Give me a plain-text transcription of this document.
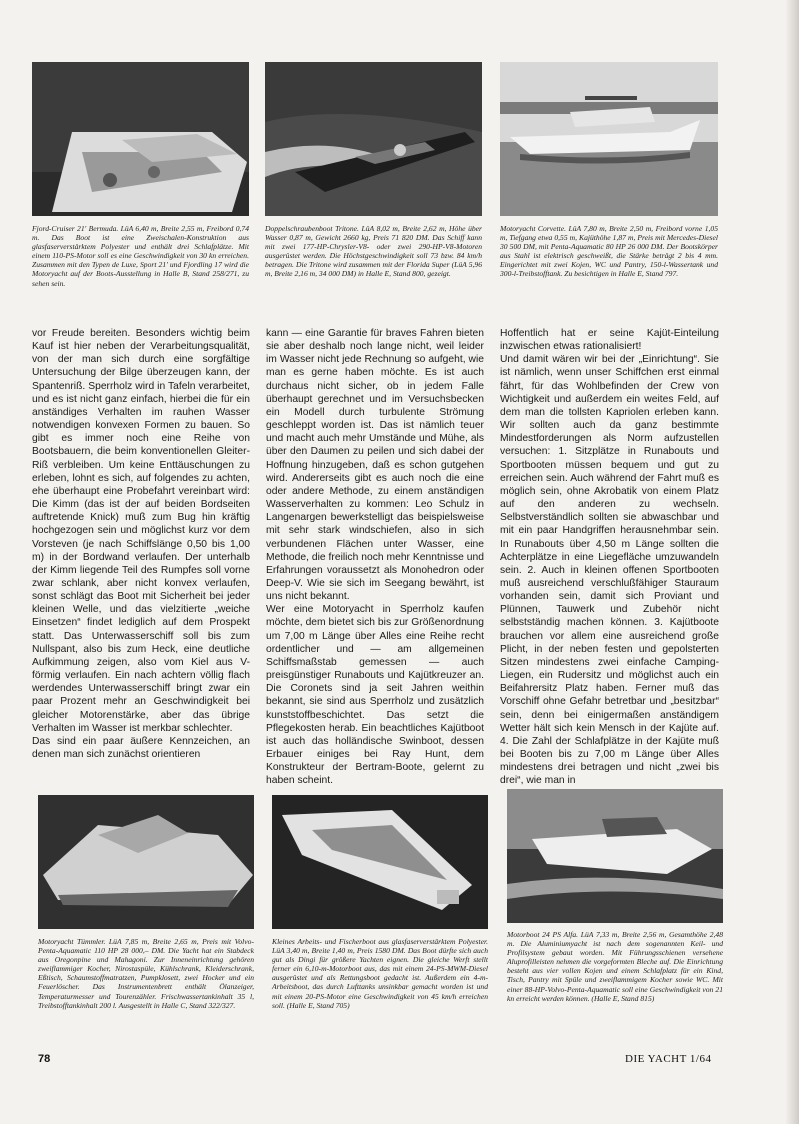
Fjord-Cruiser 21' Bermuda. LüA 6,40 m, Breite 2,55 m, Freibord 0,74 m. Das Boot ist eine Zweischalen-Konstruktion aus glasfaserverstärktem Polyester und enthält drei Schlafplätze. Mit einem 110-PS-Motor soll es eine Geschwindigkeit von 30 kn erreichen. Zusammen mit den Typen de Luxe, Sport 21' und Fjordling 17 wird die Motoryacht auf der Boots-Ausstellung in Halle B, Stand 258/271, zu sehen sein.
Doppelschraubenboot Tritone. LüA 8,02 m, Breite 2,62 m, Höhe über Wasser 0,87 m, Gewicht 2660 kg, Preis 71 820 DM. Das Schiff kann mit zwei 177-HP-Chrysler-V8- oder zwei 290-HP-V8-Motoren ausgerüstet werden. Die Höchstgeschwindigkeit soll 73 bzw. 84 km/h betragen. Die Tritone wird zusammen mit der Florida Super (LüA 5,96 m, Breite 2,16 m, 34 000 DM) in Halle E, Stand 800, gezeigt.
Motoryacht Corvette. LüA 7,80 m, Breite 2,50 m, Freibord vorne 1,05 m, Tiefgang etwa 0,55 m, Kajüthöhe 1,87 m, Preis mit Mercedes-Diesel 30 500 DM, mit Penta-Aquamatic 80 HP 26 000 DM. Der Bootskörper aus Stahl ist elektrisch geschweißt, die Stärke beträgt 2 bis 4 mm. Eingerichtet mit zwei Kojen, WC und Pantry, 150-l-Wassertank und 300-l-Treibstofftank. Zu besichtigen in Halle E, Stand 797.

vor Freude bereiten. Besonders wichtig beim Kauf ist hier neben der Verarbeitungsqualität, von der man sich durch eine sorgfältige Untersuchung der Bilge überzeugen kann, der Spantenriß. Sperrholz wird in Tafeln verarbeitet, und es ist nicht ganz einfach, hierbei die für ein anständiges Verhalten im rauhen Wasser notwendigen konvexen Formen zu bauen. So gibt es immer noch eine Reihe von Bootsbauern, die beim konventionellen Gleiter-Riß verbleiben. Um keine Enttäuschungen zu erleben, lohnt es sich, auf folgendes zu achten, ehe überhaupt eine Probefahrt vereinbart wird: Die Kimm (das ist der auf beiden Bordseiten auftretende Knick) muß zum Bug hin kräftig hochgezogen sein und möglichst kurz vor dem Vorsteven (je nach Schiffslänge 0,50 bis 1,00 m) in der Bordwand verlaufen. Der unterhalb der Kimm liegende Teil des Rumpfes soll vorne zwar schlank, aber nicht konvex verlaufen, sonst schlägt das Boot mit Sicherheit bei jeder kleinen Welle, und das vielzitierte „weiche Einsetzen“ findet lediglich auf dem Prospekt statt. Das Unterwasserschiff soll bis zum Nullspant, also bis zum Heck, eine deutliche Aufkimmung zeigen, also vom Kiel aus V-förmig verlaufen. Ein nach achtern völlig flach werdendes Unterwasserschiff bringt zwar ein paar Prozent mehr an Geschwindigkeit bei gleicher Motorenstärke, aber das übrige Verhalten im Wasser ist merkbar schlechter.

Das sind ein paar äußere Kennzeichen, an denen man sich zunächst orientieren

kann — eine Garantie für braves Fahren bieten sie aber deshalb noch lange nicht, weil leider im Wasser nicht jede Rechnung so aufgeht, wie man es gerne haben möchte. Es ist auch durchaus nicht sicher, ob in jedem Falle überhaupt gerechnet und im Versuchsbecken ein Modell durch turbulente Strömung geschleppt worden ist. Das ist nämlich teuer und macht auch mehr Umstände und Mühe, als über den Daumen zu peilen und sich dabei der Hoffnung hinzugeben, daß es schon gutgehen wird. Andererseits gibt es auch noch die eine oder andere Methode, zu einem anständigen Wasserverhalten zu kommen: Leo Schulz in Langenargen bewerkstelligt das beispielsweise mit sehr stark windschiefen, also in sich verbundenen Flächen unter Wasser, eine Methode, die freilich noch mehr Kenntnisse und Erfahrungen voraussetzt als Monohedron oder Deep-V. Wie sie sich im Seegang bewährt, ist uns nicht bekannt.

Wer eine Motoryacht in Sperrholz kaufen möchte, dem bietet sich bis zur Größenordnung um 7,00 m Länge über Alles eine Reihe recht ordentlicher und — am allgemeinen Schiffsmaßstab gemessen — auch preisgünstiger Runabouts und Kajütkreuzer an. Die Coronets sind ja seit Jahren weithin bekannt, sie sind aus Sperrholz und zusätzlich kunststoffbeschichtet. Das setzt die Pflegekosten herab. Ein beachtliches Kajütboot ist auch das holländische Swinboot, dessen Erbauer einiges bei Ray Hunt, dem Konstrukteur der Bertram-Boote, gelernt zu haben scheint.

Hoffentlich hat er seine Kajüt-Einteilung inzwischen etwas rationalisiert!

Und damit wären wir bei der „Einrichtung“. Sie ist nämlich, wenn unser Schiffchen erst einmal fährt, für das Wohlbefinden der Crew von Wichtigkeit und außerdem ein weites Feld, auf dem man die tollsten Kapriolen erleben kann. Wir sollten auch da ganz bestimmte Mindestforderungen als Norm aufzustellen versuchen: 1. Sitzplätze in Runabouts und Sportbooten müssen bequem und gut zu erreichen sein. Auch während der Fahrt muß es möglich sein, ohne Akrobatik von einem Platz auf den anderen zu wechseln. Selbstverständlich sollten sie abwaschbar und mit ein paar Handgriffen herausnehmbar sein. In Runabouts über 4,50 m Länge sollten die Achterplätze in eine Liegefläche umzuwandeln sein. 2. Auch in kleinen offenen Sportbooten muß ausreichend verschlußfähiger Stauraum vorhanden sein, damit sich Proviant und Plünnen, Tauwerk und Zubehör nicht selbstständig machen können. 3. Kajütboote brauchen vor allem eine ausreichend große Plicht, in der neben festen und gepolsterten Sitzen mindestens zwei einfache Camping-Liegen, ein Rudersitz und möglichst auch ein Beifahrersitz Platz haben. Ferner muß das Vorschiff ohne Gefahr betretbar und „besitzbar“ sein, denn bei einigermaßen anständigem Wetter hält sich kein Mensch in der Kajüte auf. 4. Die Zahl der Schlafplätze in der Kajüte muß bei Booten bis zu 7,00 m Länge über Alles mindestens drei betragen und nicht „zwei bis drei“, wie man in

Motoryacht Tümmler. LüA 7,85 m, Breite 2,65 m, Preis mit Volvo-Penta-Aquamatic 110 HP 28 000,– DM. Die Yacht hat ein Stabdeck aus Oregonpine und Mahagoni. Zur Inneneinrichtung gehören zweiflammiger Kocher, Nirostaspüle, Kühlschrank, Kleiderschrank, Eßtisch, Schaumstoffmatratzen, Pumpklosett, zwei Hocker und ein Feuerlöscher. Das Instrumentenbrett enthält Ölanzeiger, Temperaturmesser und Tourenzähler. Frischwassertankinhalt 35 l, Treibstofftankinhalt 200 l. Ausgestellt in Halle C, Stand 322/327.
Kleines Arbeits- und Fischerboot aus glasfaserverstärktem Polyester. LüA 3,40 m, Breite 1,40 m, Preis 1580 DM. Das Boot dürfte sich auch gut als Dingi für größere Yachten eignen. Die gleiche Werft stellt ferner ein 6,10-m-Motorboot aus, das mit einem 24-PS-MWM-Diesel ausgerüstet und als Rettungsboot gedacht ist. Außerdem ein 4-m-Arbeitsboot, das durch Lufttanks unsinkbar gemacht worden ist und mit einem 20-PS-Motor eine Geschwindigkeit von 45 km/h erreichen soll. (Halle E, Stand 705)
Motorboot 24 PS Alfa. LüA 7,33 m, Breite 2,56 m, Gesamthöhe 2,48 m. Die Aluminiumyacht ist nach dem sogenannten Keil- und Profilsystem gebaut worden. Mit Führungsschienen versehene Aluprofilleisten nehmen die vorgeformten Bleche auf. Die Einrichtung besteht aus vier vollen Kojen und einem Schlafplatz für ein Kind, Tisch, Pantry mit Spüle und zweiflammigem Kocher sowie WC. Mit einer 88-HP-Volvo-Penta-Aquamatic soll eine Geschwindigkeit von 21 kn erreicht werden können. (Halle E, Stand 815)
78	DIE YACHT 1/64
